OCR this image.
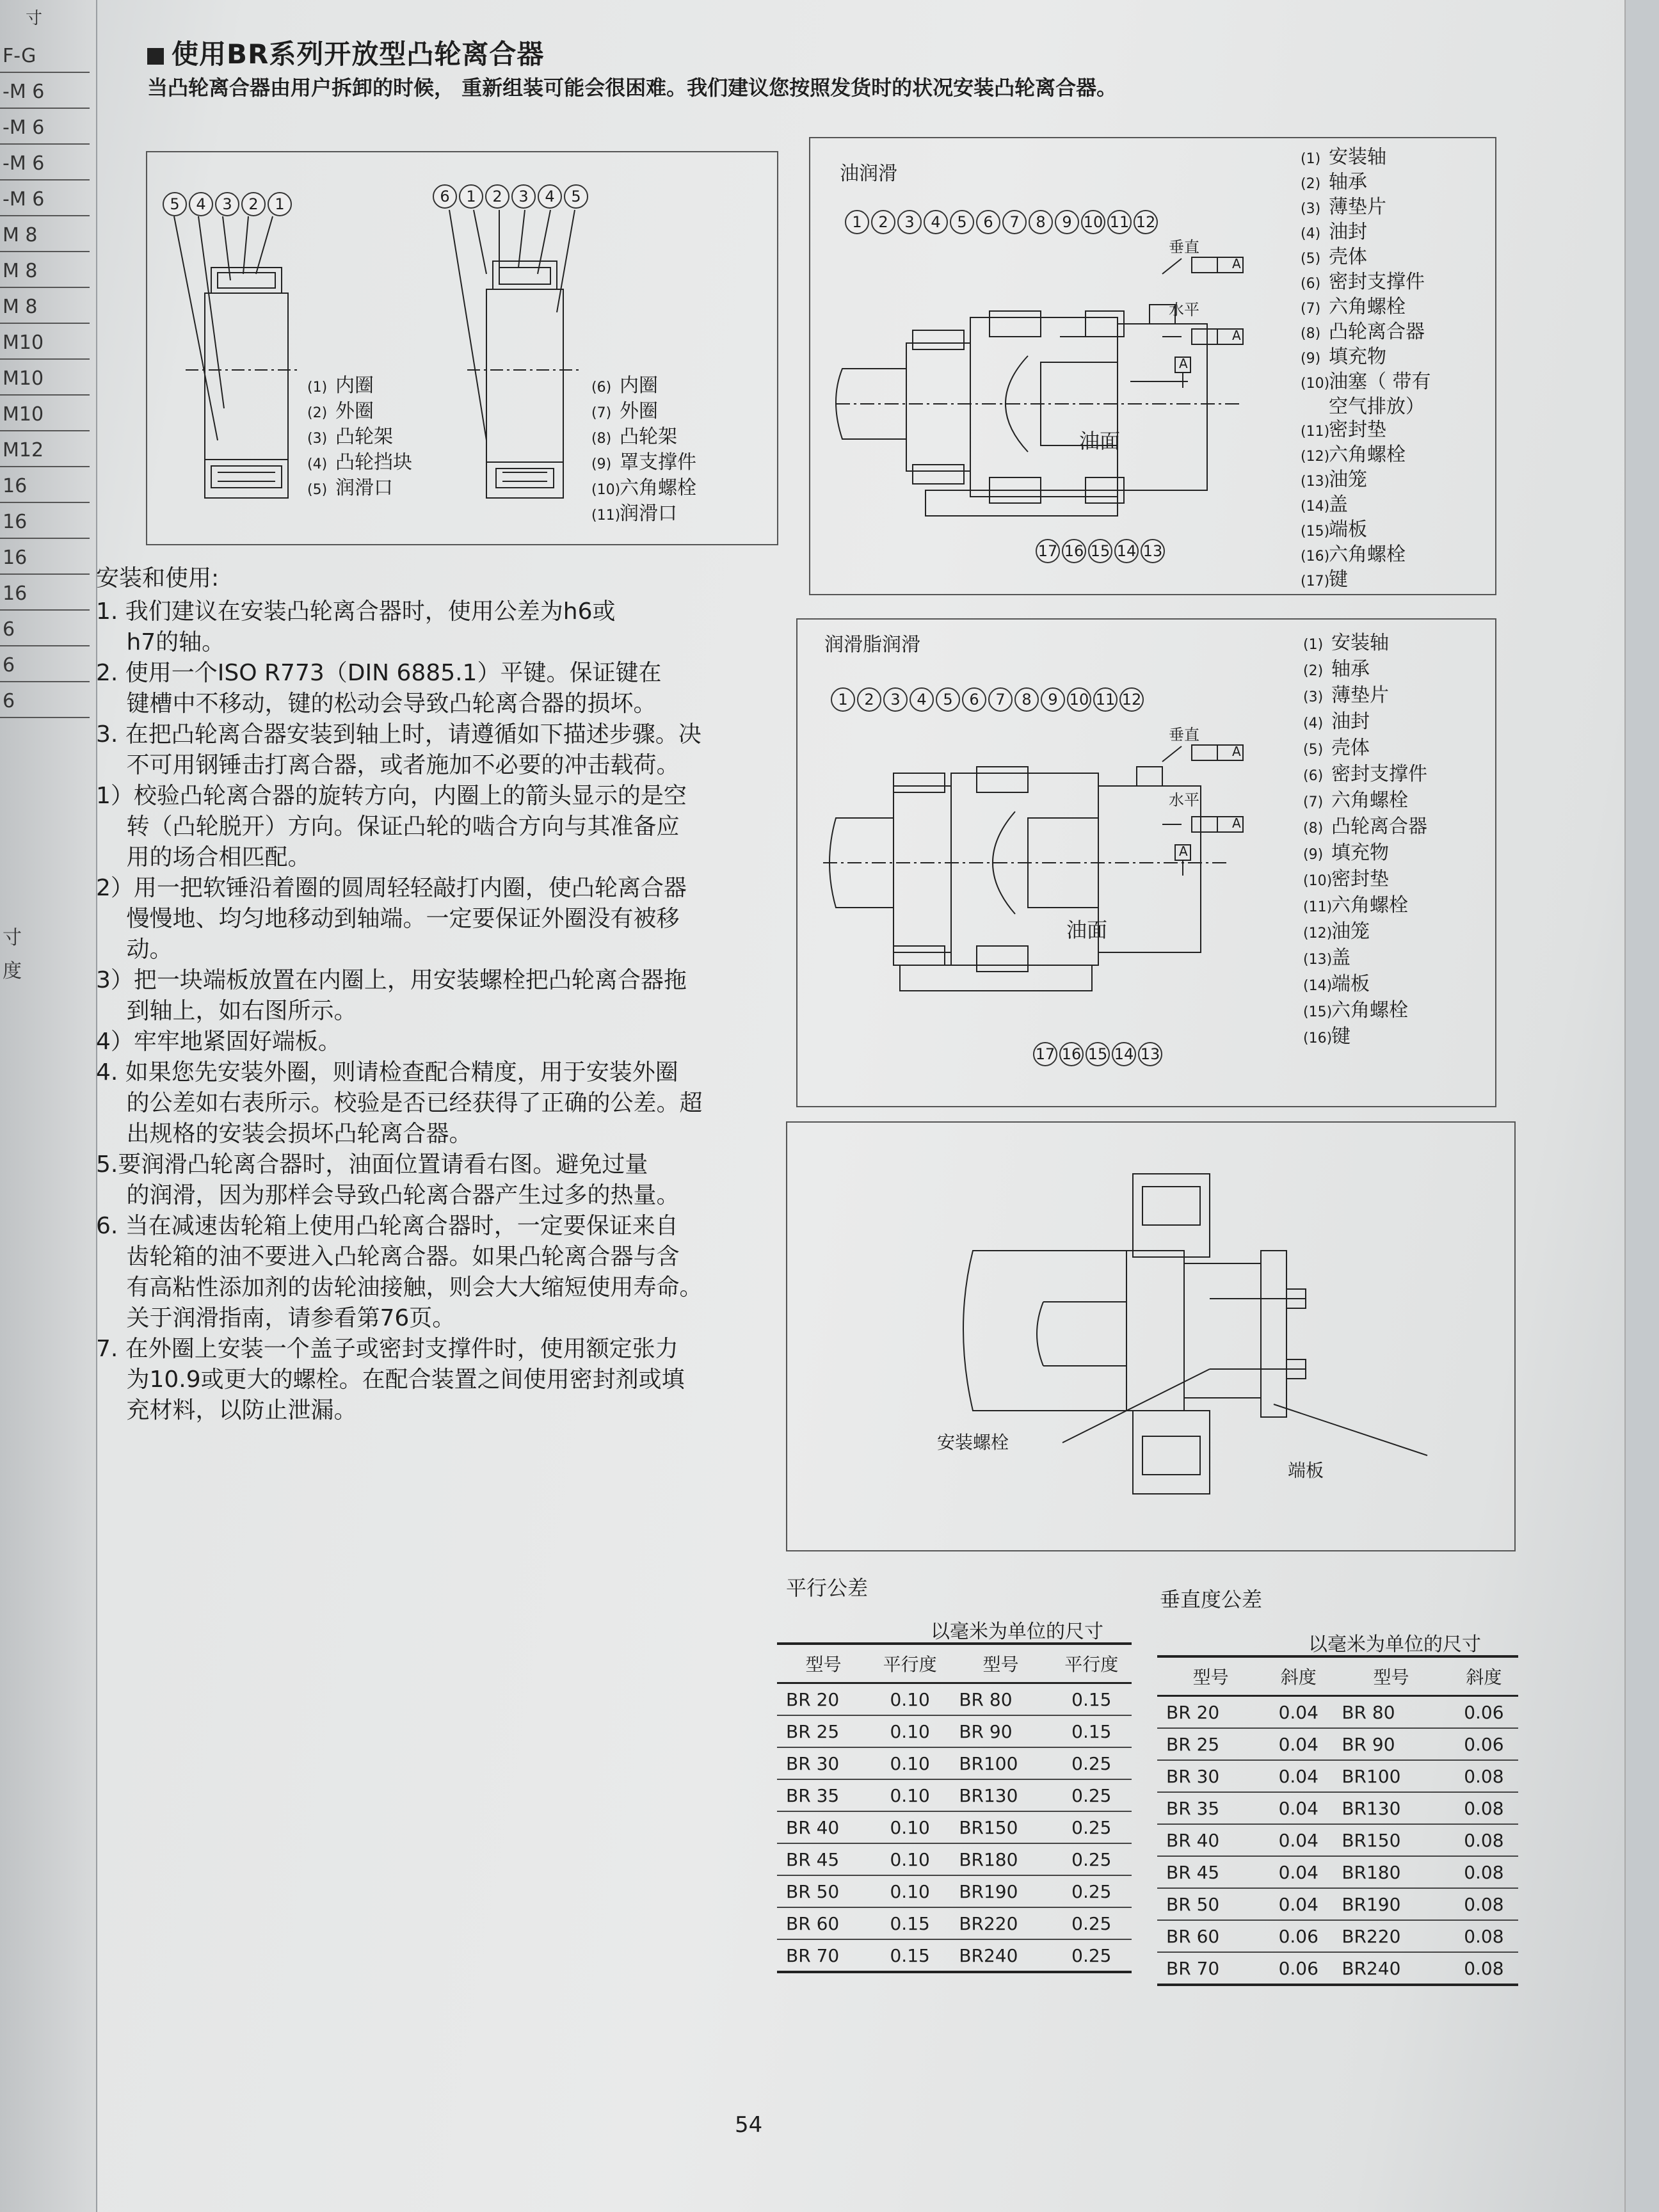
寸
F-G
-M 6
-M 6
-M 6
-M 6
M 8
M 8
M 8
M10
M10
M10
M12
16
16
16
16
6
6
6
寸
度
使用BR系列开放型凸轮离合器
当凸轮离合器由用户拆卸的时候， 重新组装可能会很困难。我们建议您按照发货时的状况安装凸轮离合器。
5	4	3	2	1	6	1	2	3	4	5
(1) 内圈
(2) 外圈
(3) 凸轮架
(4) 凸轮挡块
(5) 润滑口
(6) 内圈
(7) 外圈
(8) 凸轮架
(9) 罩支撑件
(10)六角螺栓
(11)润滑口
油润滑
1	2	3	4	5	6	7	8	9 10 11 12
油面
垂直
水平
A
A
A
17 16 15 14 13
(1) 安装轴
(2) 轴承
(3) 薄垫片
(4) 油封
(5) 壳体
(6) 密封支撑件
(7) 六角螺栓
(8) 凸轮离合器
(9) 填充物
(10)油塞（ 带有
空气排放）
(11)密封垫
(12)六角螺栓
(13)油笼
(14)盖
(15)端板
(16)六角螺栓
(17)键
润滑脂润滑
1	2	3	4	5	6	7	8	9 10 11 12
油面
垂直
水平
A
A
A
17 16 15 14 13
(1) 安装轴
(2) 轴承
(3) 薄垫片
(4) 油封
(5) 壳体
(6) 密封支撑件
(7) 六角螺栓
(8) 凸轮离合器
(9) 填充物
(10)密封垫
(11)六角螺栓
(12)油笼
(13)盖
(14)端板
(15)六角螺栓
(16)键
安装螺栓
端板

安装和使用:

1. 我们建议在安装凸轮离合器时，使用公差为h6或

　 h7的轴。

2. 使用一个ISO R773（DIN 6885.1）平键。保证键在

　 键槽中不移动，键的松动会导致凸轮离合器的损坏。

3. 在把凸轮离合器安装到轴上时，请遵循如下描述步骤。决

　 不可用钢锤击打离合器，或者施加不必要的冲击载荷。

1）校验凸轮离合器的旋转方向，内圈上的箭头显示的是空

　 转（凸轮脱开）方向。保证凸轮的啮合方向与其准备应

　 用的场合相匹配。

2）用一把软锤沿着圈的圆周轻轻敲打内圈，使凸轮离合器

　 慢慢地、均匀地移动到轴端。一定要保证外圈没有被移

　 动。

3）把一块端板放置在内圈上，用安装螺栓把凸轮离合器拖

　 到轴上，如右图所示。

4）牢牢地紧固好端板。

4. 如果您先安装外圈，则请检查配合精度，用于安装外圈

　 的公差如右表所示。校验是否已经获得了正确的公差。超

　 出规格的安装会损坏凸轮离合器。

5.要润滑凸轮离合器时，油面位置请看右图。避免过量

　 的润滑，因为那样会导致凸轮离合器产生过多的热量。

6. 当在减速齿轮箱上使用凸轮离合器时，一定要保证来自

　 齿轮箱的油不要进入凸轮离合器。如果凸轮离合器与含

　 有高粘性添加剂的齿轮油接触，则会大大缩短使用寿命。

　 关于润滑指南，请参看第76页。

7. 在外圈上安装一个盖子或密封支撑件时，使用额定张力

　 为10.9或更大的螺栓。在配合装置之间使用密封剂或填

　 充材料，以防止泄漏。

平行公差
以毫米为单位的尺寸
型号	平行度	型号	平行度
BR 20	0.10	BR 80	0.15
BR 25	0.10	BR 90	0.15
BR 30	0.10	BR100	0.25
BR 35	0.10	BR130	0.25
BR 40	0.10	BR150	0.25
BR 45	0.10	BR180	0.25
BR 50	0.10	BR190	0.25
BR 60	0.15	BR220	0.25
BR 70	0.15	BR240	0.25
垂直度公差
以毫米为单位的尺寸
型号	斜度	型号	斜度
BR 20	0.04	BR 80	0.06
BR 25	0.04	BR 90	0.06
BR 30	0.04	BR100	0.08
BR 35	0.04	BR130	0.08
BR 40	0.04	BR150	0.08
BR 45	0.04	BR180	0.08
BR 50	0.04	BR190	0.08
BR 60	0.06	BR220	0.08
BR 70	0.06	BR240	0.08
54
